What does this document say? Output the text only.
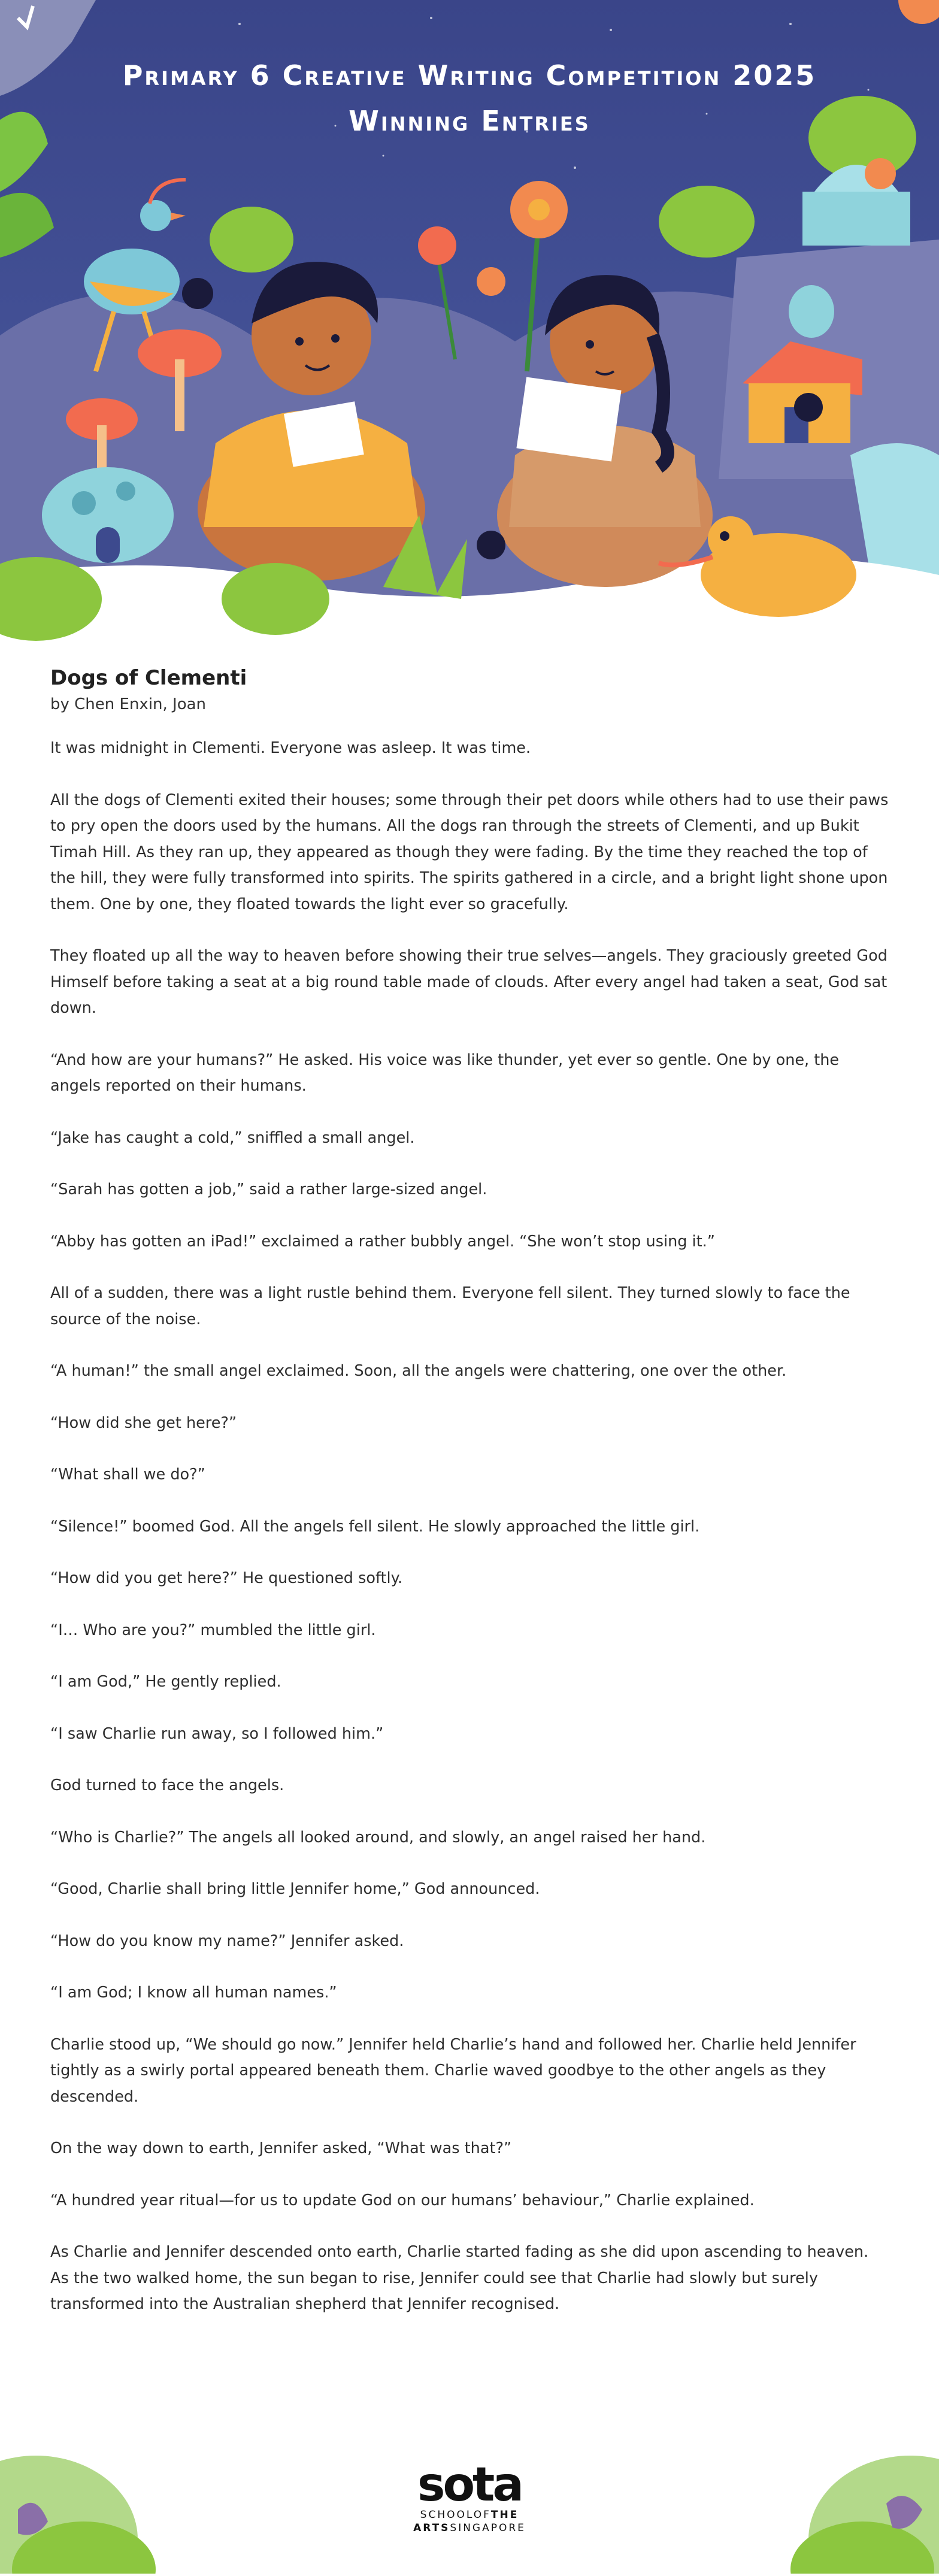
Primary 6 Creative Writing Competition 2025
Winning Entries
Dogs of Clementi
by Chen Enxin, Joan

It was midnight in Clementi. Everyone was asleep. It was time.

All the dogs of Clementi exited their houses; some through their pet doors while others had to use their paws to pry open the doors used by the humans. All the dogs ran through the streets of Clementi, and up Bukit Timah Hill. As they ran up, they appeared as though they were fading. By the time they reached the top of the hill, they were fully transformed into spirits. The spirits gathered in a circle, and a bright light shone upon them. One by one, they floated towards the light ever so gracefully.

They floated up all the way to heaven before showing their true selves—angels. They graciously greeted God Himself before taking a seat at a big round table made of clouds. After every angel had taken a seat, God sat down.

“And how are your humans?” He asked. His voice was like thunder, yet ever so gentle. One by one, the angels reported on their humans.

“Jake has caught a cold,” sniffled a small angel.

“Sarah has gotten a job,” said a rather large-sized angel.

“Abby has gotten an iPad!” exclaimed a rather bubbly angel. “She won’t stop using it.”

All of a sudden, there was a light rustle behind them. Everyone fell silent. They turned slowly to face the source of the noise.

“A human!” the small angel exclaimed. Soon, all the angels were chattering, one over the other.

“How did she get here?”

“What shall we do?”

“Silence!” boomed God. All the angels fell silent. He slowly approached the little girl.

“How did you get here?” He questioned softly.

“I… Who are you?” mumbled the little girl.

“I am God,” He gently replied.

“I saw Charlie run away, so I followed him.”

God turned to face the angels.

“Who is Charlie?” The angels all looked around, and slowly, an angel raised her hand.

“Good, Charlie shall bring little Jennifer home,” God announced.

“How do you know my name?” Jennifer asked.

“I am God; I know all human names.”

Charlie stood up, “We should go now.” Jennifer held Charlie’s hand and followed her. Charlie held Jennifer tightly as a swirly portal appeared beneath them. Charlie waved goodbye to the other angels as they descended.

On the way down to earth, Jennifer asked, “What was that?”

“A hundred year ritual—for us to update God on our humans’ behaviour,” Charlie explained.

As Charlie and Jennifer descended onto earth, Charlie started fading as she did upon ascending to heaven. As the two walked home, the sun began to rise, Jennifer could see that Charlie had slowly but surely transformed into the Australian shepherd that Jennifer recognised.

sota
SCHOOLOFTHE
ARTSSINGAPORE
